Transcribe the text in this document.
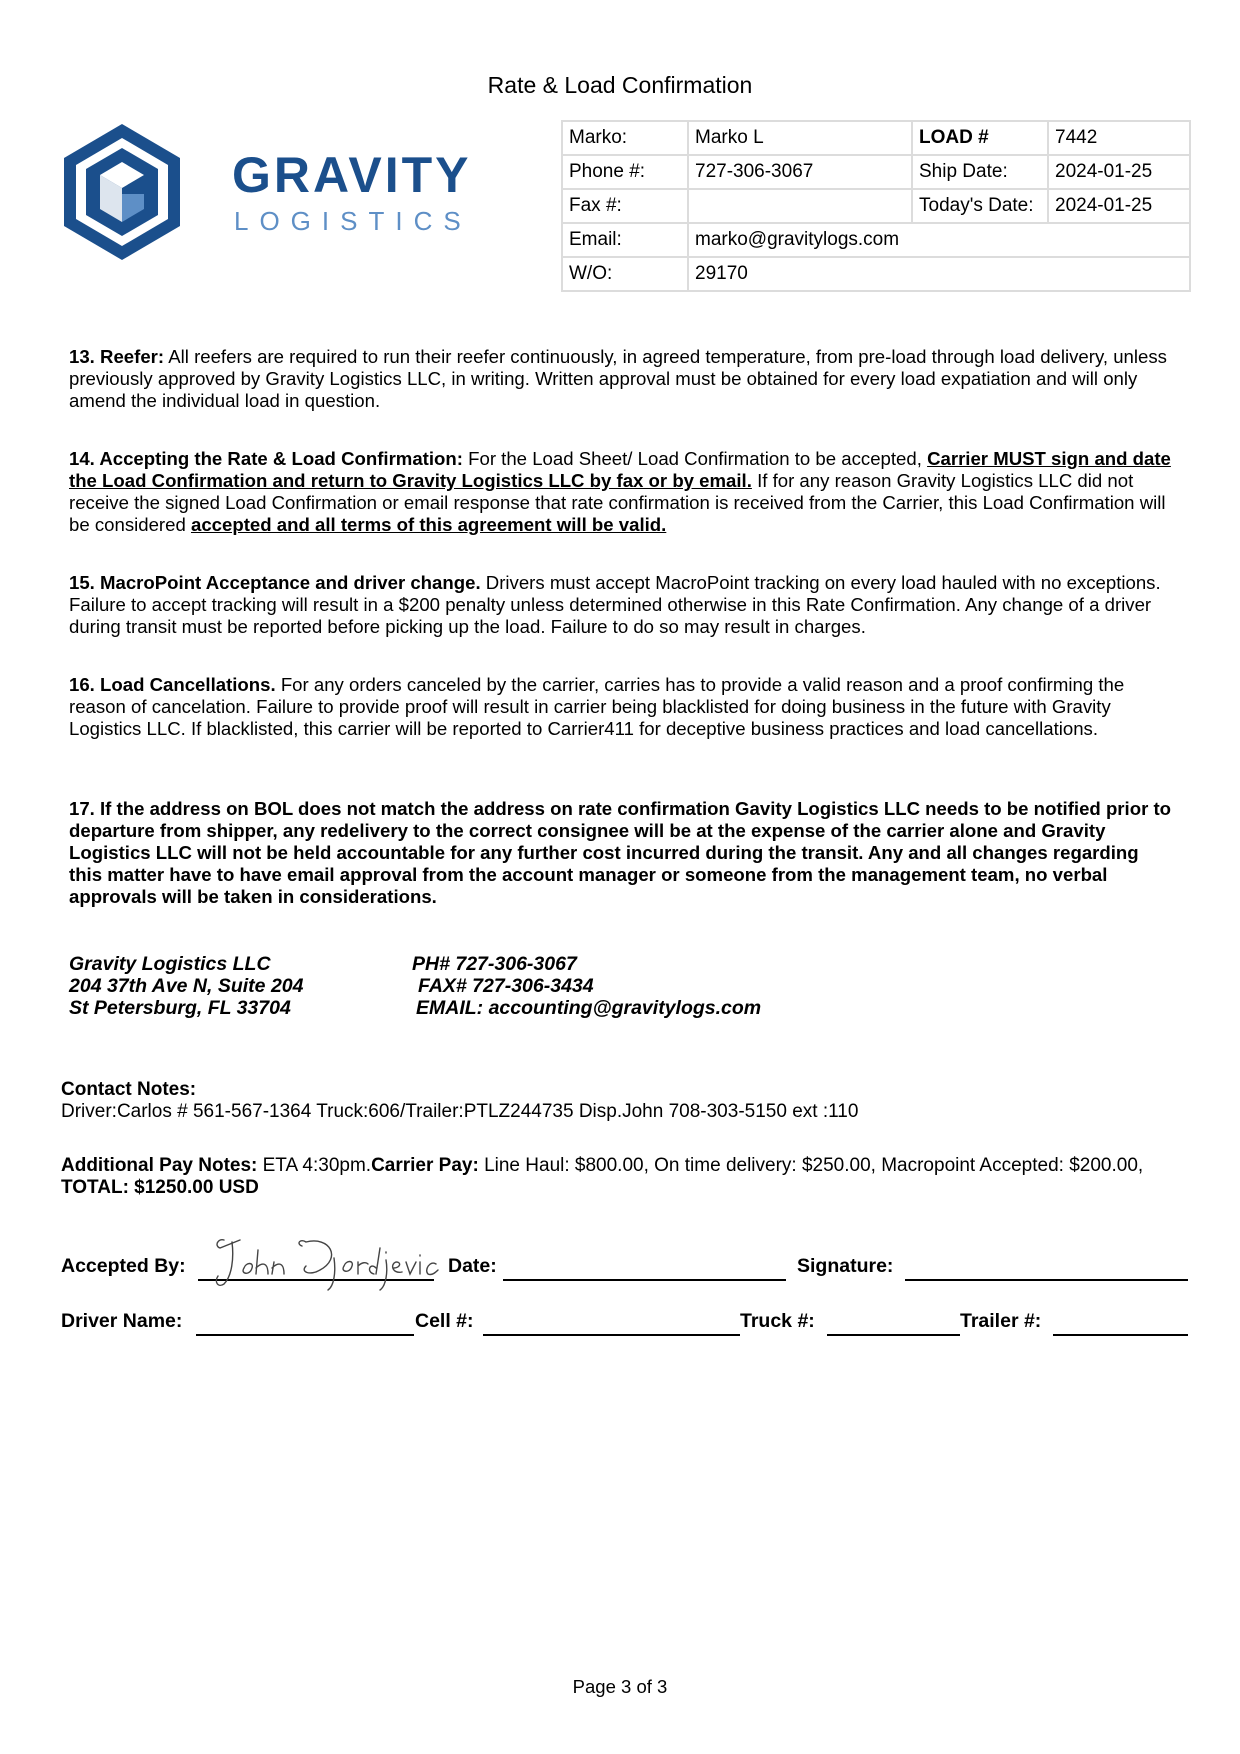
Rate & Load Confirmation
GRAVITY
LOGISTICS
Marko:	Marko L	LOAD #	7442
Phone #:	727-306-3067	Ship Date:	2024-01-25
Fax #:		Today's Date:	2024-01-25
Email:	marko@gravitylogs.com		
W/O:	29170		
13. Reefer: All reefers are required to run their reefer continuously, in agreed temperature, from pre-load through load delivery, unless previously approved by Gravity Logistics LLC, in writing. Written approval must be obtained for every load expatiation and will only amend the individual load in question.
14. Accepting the Rate & Load Confirmation: For the Load Sheet/ Load Confirmation to be accepted, Carrier MUST sign and date the Load Confirmation and return to Gravity Logistics LLC by fax or by email. If for any reason Gravity Logistics LLC did not receive the signed Load Confirmation or email response that rate confirmation is received from the Carrier, this Load Confirmation will be considered accepted and all terms of this agreement will be valid.
15. MacroPoint Acceptance and driver change. Drivers must accept MacroPoint tracking on every load hauled with no exceptions. Failure to accept tracking will result in a $200 penalty unless determined otherwise in this Rate Confirmation. Any change of a driver during transit must be reported before picking up the load. Failure to do so may result in charges.
16. Load Cancellations. For any orders canceled by the carrier, carries has to provide a valid reason and a proof confirming the reason of cancelation. Failure to provide proof will result in carrier being blacklisted for doing business in the future with Gravity Logistics LLC. If blacklisted, this carrier will be reported to Carrier411 for deceptive business practices and load cancellations.
17. If the address on BOL does not match the address on rate confirmation Gavity Logistics LLC needs to be notified prior to departure from shipper, any redelivery to the correct consignee will be at the expense of the carrier alone and Gravity Logistics LLC will not be held accountable for any further cost incurred during the transit. Any and all changes regarding this matter have to have email approval from the account manager or someone from the management team, no verbal approvals will be taken in considerations.
Gravity Logistics LLC	PH# 727-306-3067
204 37th Ave N, Suite 204	FAX# 727-306-3434
St Petersburg, FL 33704	EMAIL: accounting@gravitylogs.com
Contact Notes:
Driver:Carlos # 561-567-1364 Truck:606/Trailer:PTLZ244735 Disp.John 708-303-5150 ext :110
Additional Pay Notes: ETA 4:30pm.Carrier Pay: Line Haul: $800.00, On time delivery: $250.00, Macropoint Accepted: $200.00, TOTAL: $1250.00 USD
Accepted By:	Date:	Signature:
Driver Name:	Cell #:	Truck #:	Trailer #:
Page 3 of 3
